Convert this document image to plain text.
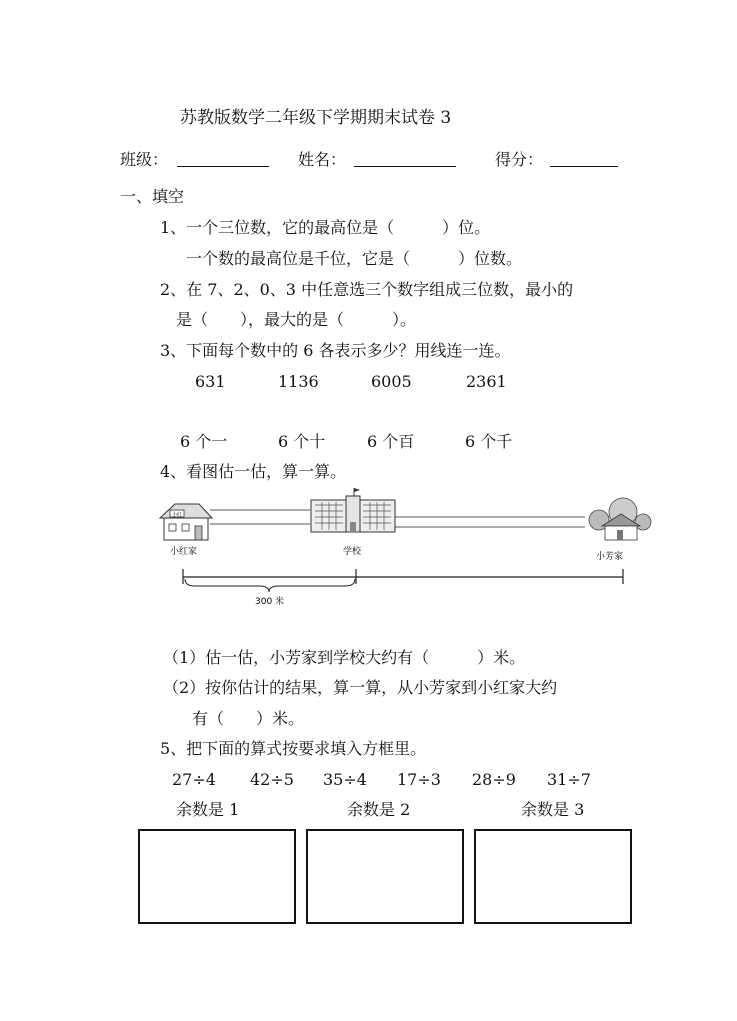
苏教版数学二年级下学期期末试卷 3
班级：	姓名：	得分：
一、填空
1、一个三位数，它的最高位是（　　　）位。
一个数的最高位是千位，它是（　　　）位数。
2、在 7、2、0、3 中任意选三个数字组成三位数，最小的
是（　　），最大的是（　　　）。
3、下面每个数中的 6 各表示多少？用线连一连。
631	1136	6005	2361
6 个一	6 个十	6 个百	6 个千
4、看图估一估，算一算。
小红
小红家	学校	小芳家
300 米
（1）估一估，小芳家到学校大约有（　　　）米。
（2）按你估计的结果，算一算，从小芳家到小红家大约
有（　　）米。
5、把下面的算式按要求填入方框里。
27÷4 42÷5 35÷4 17÷3 28÷9 31÷7
余数是 1	余数是 2	余数是 3
